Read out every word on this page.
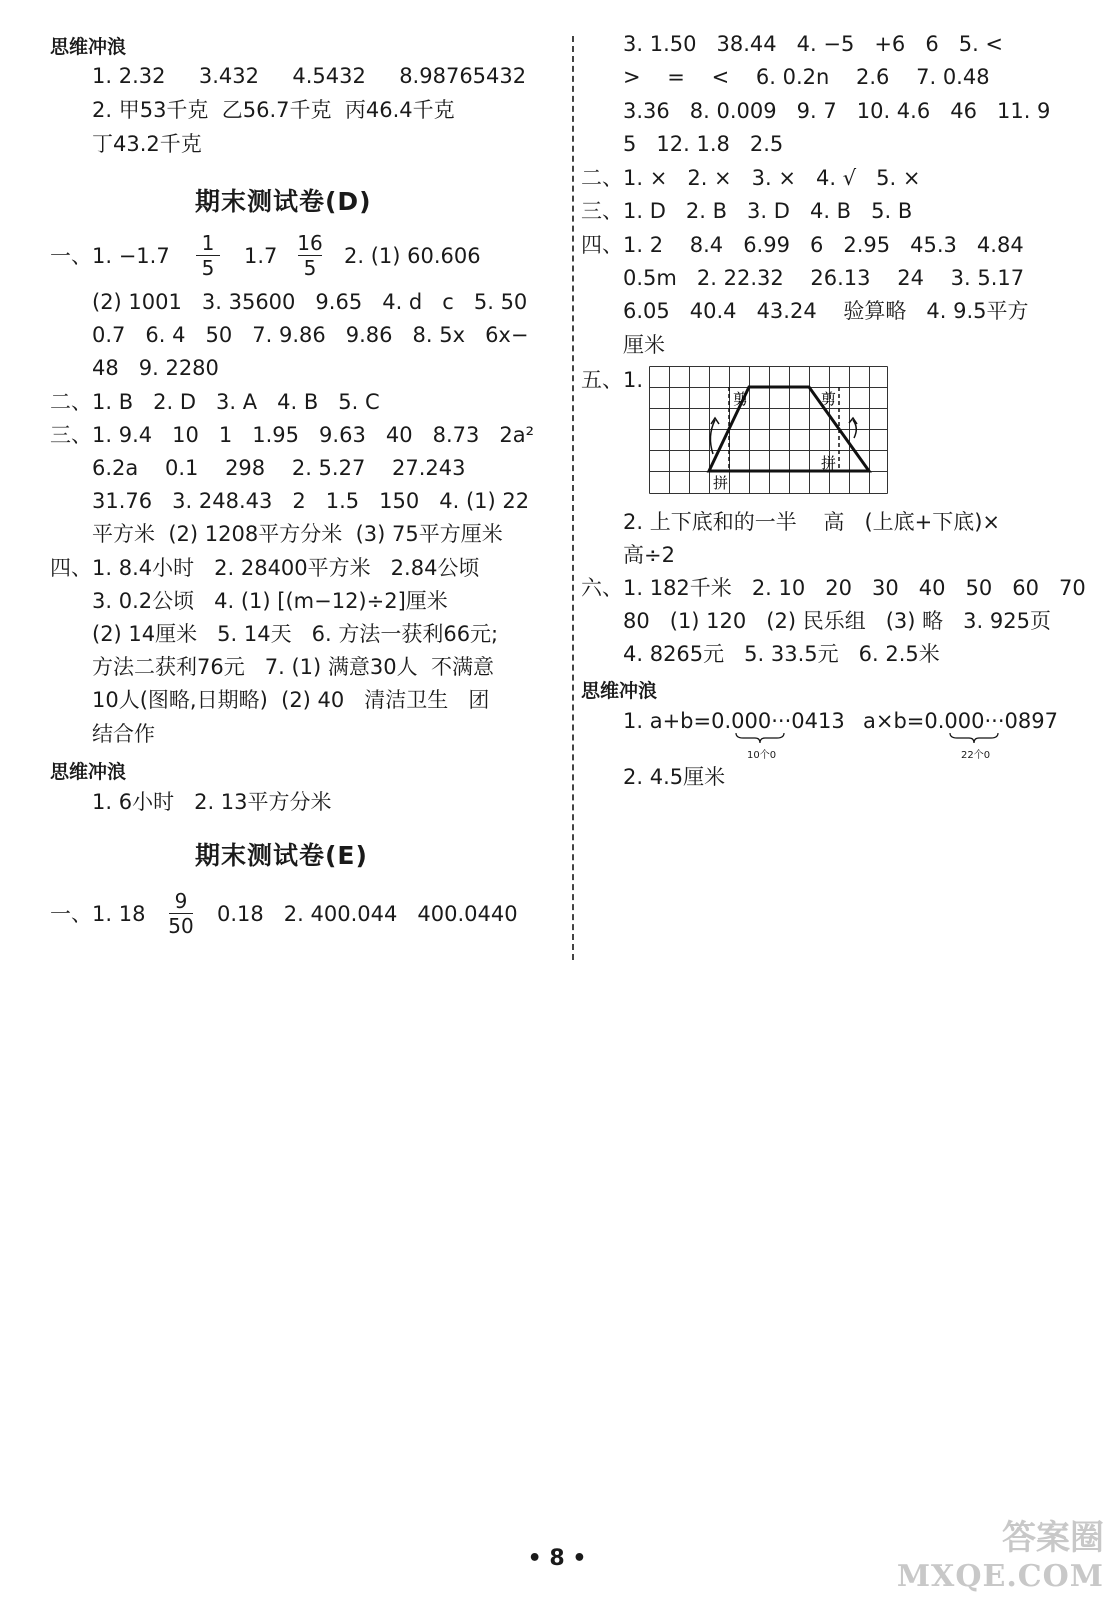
思维冲浪
1. 2.32     3.432     4.5432     8.98765432
2. 甲53千克  乙56.7千克  丙46.4千克
丁43.2千克
期末测试卷(D)
一、1. −1.7
1
5	1.7
16
5	2. (1) 60.606
(2) 1001   3. 35600   9.65   4. d   c   5. 50
0.7   6. 4   50   7. 9.86   9.86   8. 5x   6x−
48   9. 2280
二、1. B   2. D   3. A   4. B   5. C
三、1. 9.4   10   1   1.95   9.63   40   8.73   2a²
6.2a    0.1    298    2. 5.27    27.243
31.76   3. 248.43   2   1.5   150   4. (1) 22
平方米  (2) 1208平方分米  (3) 75平方厘米
四、1. 8.4小时   2. 28400平方米   2.84公顷
3. 0.2公顷   4. (1) [(m−12)÷2]厘米
(2) 14厘米   5. 14天   6. 方法一获利66元;
方法二获利76元   7. (1) 满意30人  不满意
10人(图略,日期略)  (2) 40   清洁卫生   团
结合作
思维冲浪
1. 6小时   2. 13平方分米
期末测试卷(E)
一、1. 18
9
50 0.18   2. 400.044   400.0440
3. 1.50   38.44   4. −5   +6   6   5. <
>    =    <    6. 0.2n    2.6    7. 0.48
3.36   8. 0.009   9. 7   10. 4.6   46   11. 9
5   12. 1.8   2.5
二、1. ×   2. ×   3. ×   4. √   5. ×
三、1. D   2. B   3. D   4. B   5. B
四、1. 2    8.4   6.99   6   2.95   45.3   4.84
0.5m   2. 22.32    26.13    24    3. 5.17
6.05   40.4   43.24    验算略   4. 9.5平方
厘米
五、1.
剪	剪
拼
拼
2. 上下底和的一半    高   (上底+下底)×
高÷2
六、1. 182千米   2. 10   20   30   40   50   60   70
80   (1) 120   (2) 民乐组   (3) 略   3. 925页
4. 8265元   5. 33.5元   6. 2.5米
思维冲浪
1. a+b=0.000···0413
10个0
a×b=0.000···0897
22个0
2. 4.5厘米
• 8 •
答案圈
MXQE.COM
